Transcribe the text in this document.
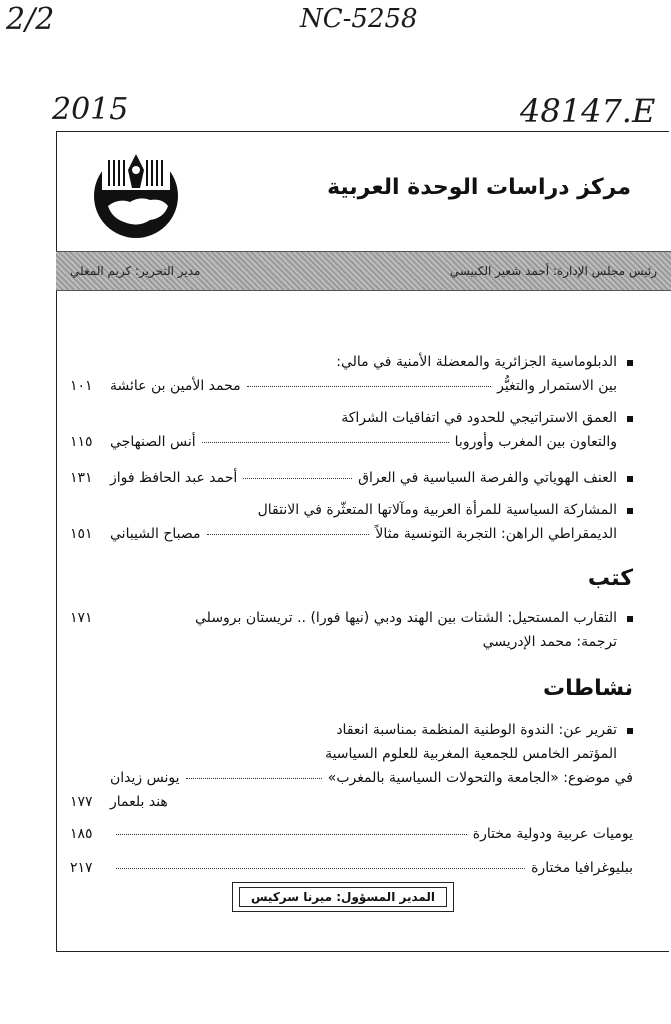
2/2	NC-5258
2015	48147.E
مركز دراسات الوحدة العربية
رئيس مجلس الإدارة: أحمد شعير الكبيسي
مدير التحرير: كريم المغلي
الدبلوماسية الجزائرية والمعضلة الأمنية في مالي:
بين الاستمرار والتغيُّر
محمد الأمين بن عائشة
١٠١
العمق الاستراتيجي للحدود في اتفاقيات الشراكة
والتعاون بين المغرب وأوروبا
أنس الصنهاجي
١١٥
العنف الهوياتي والفرصة السياسية في العراق
أحمد عبد الحافظ فواز
١٣١
المشاركة السياسية للمرأة العربية ومآلاتها المتعثّرة في الانتقال
الديمقراطي الراهن: التجربة التونسية مثالاً
مصباح الشيباني
١٥١
كتب
التقارب المستحيل: الشتات بين الهند ودبي (نيها فورا) .. تريستان بروسلي
١٧١
ترجمة: محمد الإدريسي
نشاطات
تقرير عن: الندوة الوطنية المنظمة بمناسبة انعقاد
المؤتمر الخامس للجمعية المغربية للعلوم السياسية
في موضوع: «الجامعة والتحولات السياسية بالمغرب»
يونس زيدان
هند بلعمار
١٧٧
يوميات عربية ودولية مختارة
١٨٥
ببليوغرافيا مختارة
٢١٧
المدير المسؤول: ميرنا سركيس
